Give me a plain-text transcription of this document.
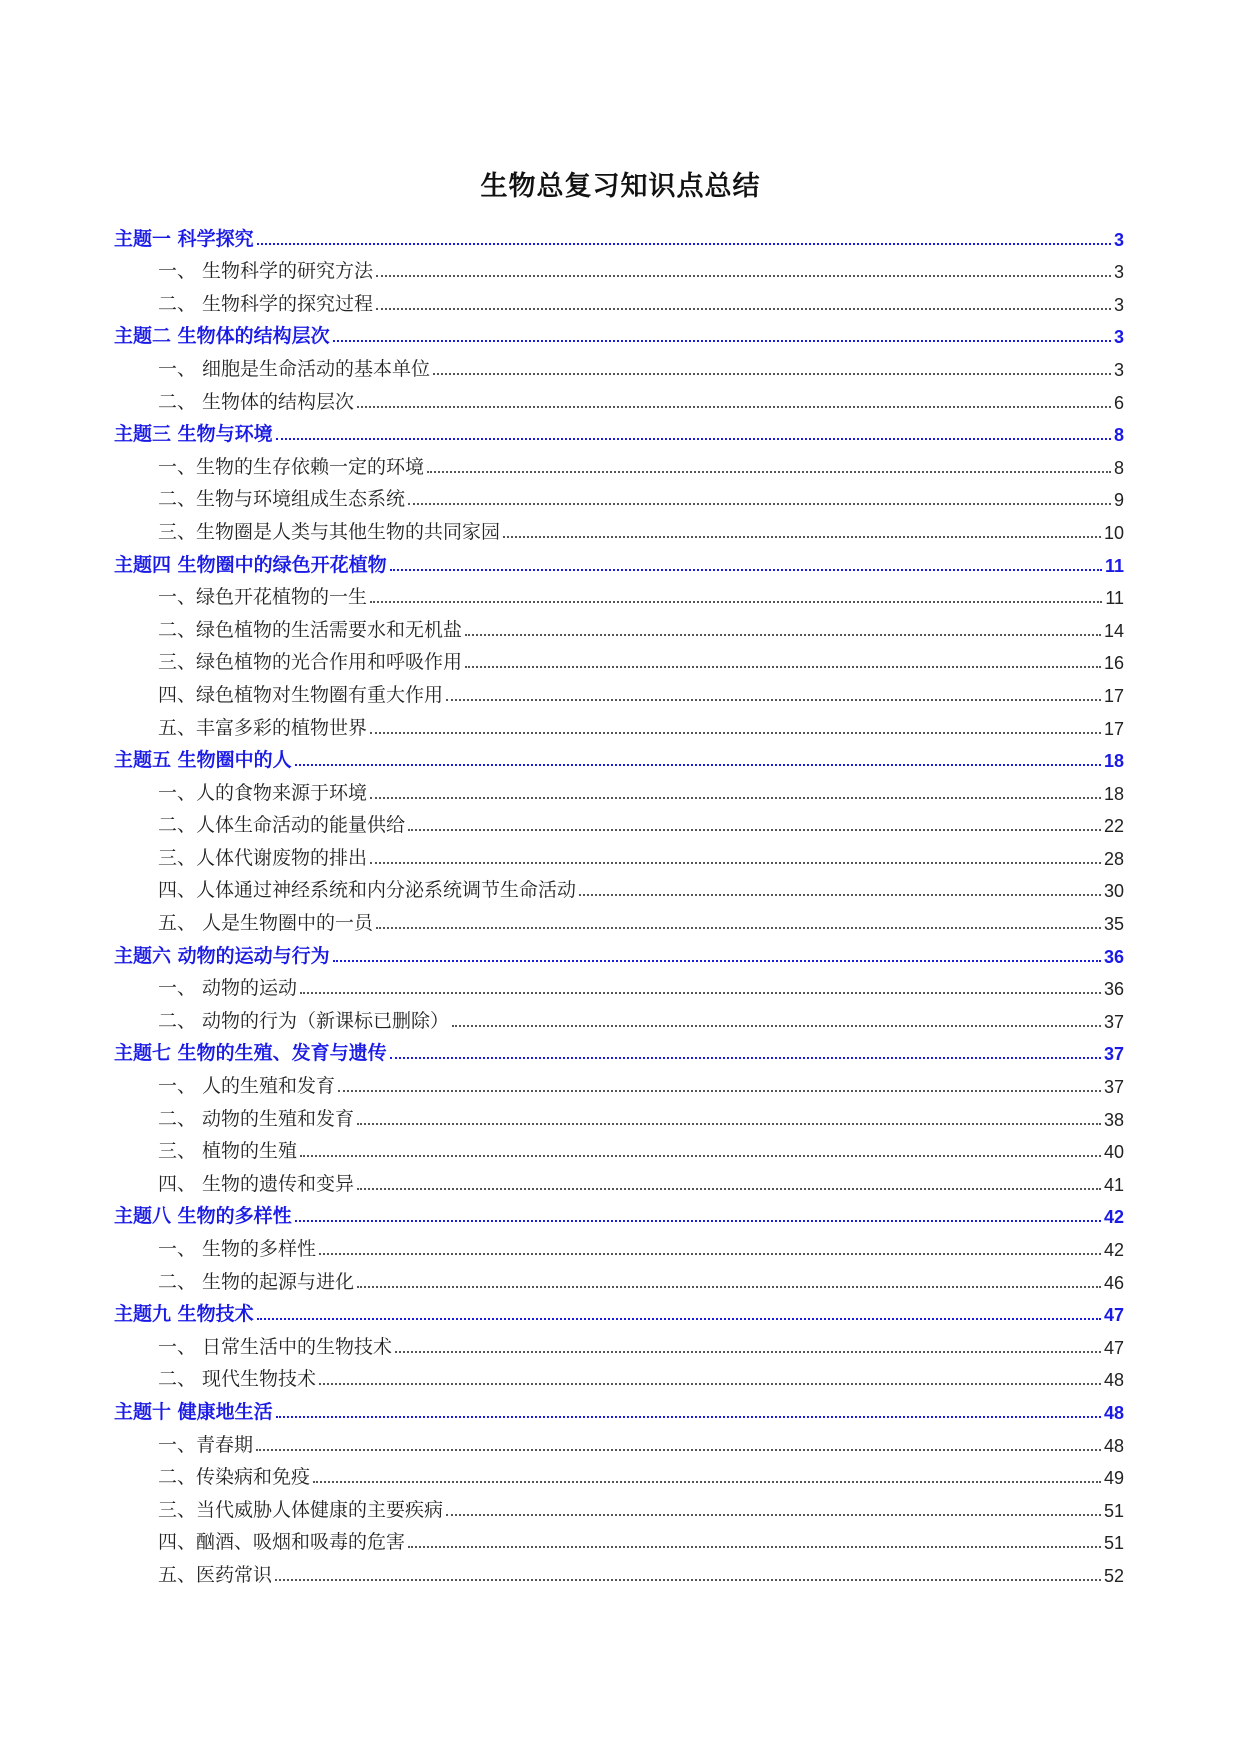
生物总复习知识点总结
主题一 科学探究	3
一、 生物科学的研究方法	3
二、 生物科学的探究过程	3
主题二 生物体的结构层次	3
一、 细胞是生命活动的基本单位	3
二、 生物体的结构层次	6
主题三 生物与环境	8
一、生物的生存依赖一定的环境	8
二、生物与环境组成生态系统	9
三、生物圈是人类与其他生物的共同家园	10
主题四 生物圈中的绿色开花植物	11
一、绿色开花植物的一生	11
二、绿色植物的生活需要水和无机盐	14
三、绿色植物的光合作用和呼吸作用	16
四、绿色植物对生物圈有重大作用	17
五、丰富多彩的植物世界	17
主题五 生物圈中的人	18
一、人的食物来源于环境	18
二、人体生命活动的能量供给	22
三、人体代谢废物的排出	28
四、人体通过神经系统和内分泌系统调节生命活动	30
五、 人是生物圈中的一员	35
主题六 动物的运动与行为	36
一、 动物的运动	36
二、 动物的行为（新课标已删除）	37
主题七 生物的生殖、发育与遗传	37
一、 人的生殖和发育	37
二、 动物的生殖和发育	38
三、 植物的生殖	40
四、 生物的遗传和变异	41
主题八 生物的多样性	42
一、 生物的多样性	42
二、 生物的起源与进化	46
主题九 生物技术	47
一、 日常生活中的生物技术	47
二、 现代生物技术	48
主题十 健康地生活	48
一、青春期	48
二、传染病和免疫	49
三、当代威胁人体健康的主要疾病	51
四、酗酒、吸烟和吸毒的危害	51
五、医药常识	52
